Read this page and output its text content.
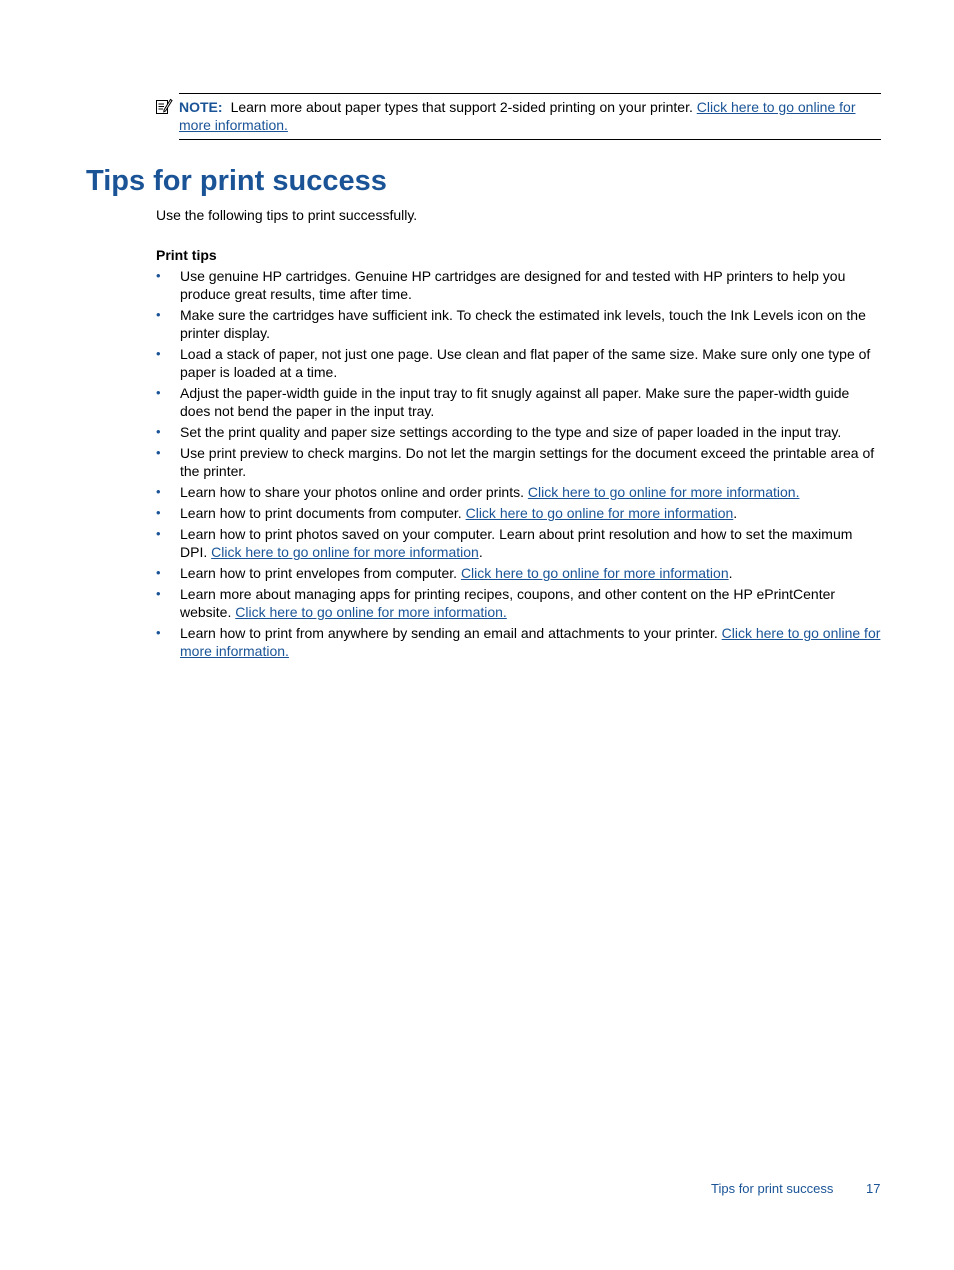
NOTE: Learn more about paper types that support 2-sided printing on your printer. Click here to go online for more information.
Tips for print success

Use the following tips to print successfully.

Print tips

• Use genuine HP cartridges. Genuine HP cartridges are designed for and tested with HP printers to help you produce great results, time after time.
• Make sure the cartridges have sufficient ink. To check the estimated ink levels, touch the Ink Levels icon on the printer display.
• Load a stack of paper, not just one page. Use clean and flat paper of the same size. Make sure only one type of paper is loaded at a time.
• Adjust the paper-width guide in the input tray to fit snugly against all paper. Make sure the paper-width guide does not bend the paper in the input tray.
• Set the print quality and paper size settings according to the type and size of paper loaded in the input tray.
• Use print preview to check margins. Do not let the margin settings for the document exceed the printable area of the printer.
• Learn how to share your photos online and order prints. Click here to go online for more information.
• Learn how to print documents from computer. Click here to go online for more information.
• Learn how to print photos saved on your computer. Learn about print resolution and how to set the maximum DPI. Click here to go online for more information.
• Learn how to print envelopes from computer. Click here to go online for more information.
• Learn more about managing apps for printing recipes, coupons, and other content on the HP ePrintCenter website. Click here to go online for more information.
• Learn how to print from anywhere by sending an email and attachments to your printer. Click here to go online for more information.
Tips for print success	17
